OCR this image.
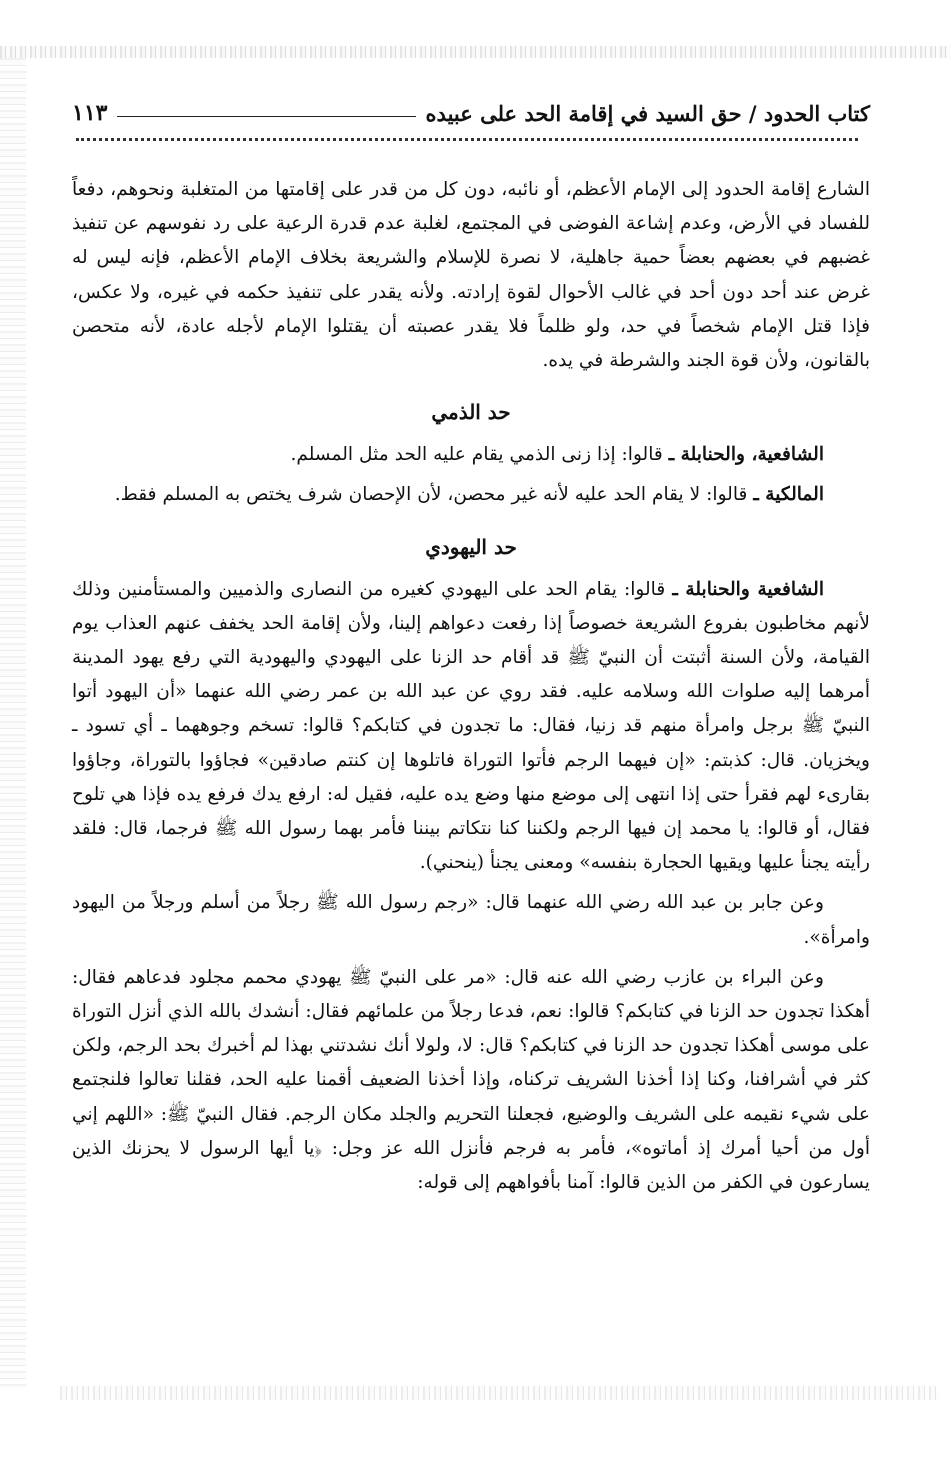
كتاب الحدود / حق السيد في إقامة الحد على عبيده
١١٣

الشارع إقامة الحدود إلى الإمام الأعظم، أو نائبه، دون كل من قدر على إقامتها من المتغلبة ونحوهم، دفعاً للفساد في الأرض، وعدم إشاعة الفوضى في المجتمع، لغلبة عدم قدرة الرعية على رد نفوسهم عن تنفيذ غضبهم في بعضهم بعضاً حمية جاهلية، لا نصرة للإسلام والشريعة بخلاف الإمام الأعظم، فإنه ليس له غرض عند أحد دون أحد في غالب الأحوال لقوة إرادته. ولأنه يقدر على تنفيذ حكمه في غيره، ولا عكس، فإذا قتل الإمام شخصاً في حد، ولو ظلماً فلا يقدر عصبته أن يقتلوا الإمام لأجله عادة، لأنه متحصن بالقانون، ولأن قوة الجند والشرطة في يده.

حد الذمي

الشافعية، والحنابلة ـ قالوا: إذا زنى الذمي يقام عليه الحد مثل المسلم.

المالكية ـ قالوا: لا يقام الحد عليه لأنه غير محصن، لأن الإحصان شرف يختص به المسلم فقط.

حد اليهودي

الشافعية والحنابلة ـ قالوا: يقام الحد على اليهودي كغيره من النصارى والذميين والمستأمنين وذلك لأنهم مخاطبون بفروع الشريعة خصوصاً إذا رفعت دعواهم إلينا، ولأن إقامة الحد يخفف عنهم العذاب يوم القيامة، ولأن السنة أثبتت أن النبيّ ﷺ قد أقام حد الزنا على اليهودي واليهودية التي رفع يهود المدينة أمرهما إليه صلوات الله وسلامه عليه. فقد روي عن عبد الله بن عمر رضي الله عنهما «أن اليهود أتوا النبيّ ﷺ برجل وامرأة منهم قد زنيا، فقال: ما تجدون في كتابكم؟ قالوا: تسخم وجوههما ـ أي تسود ـ ويخزيان. قال: كذبتم: «إن فيهما الرجم فأتوا التوراة فاتلوها إن كنتم صادقين» فجاؤوا بالتوراة، وجاؤوا بقارىء لهم فقرأ حتى إذا انتهى إلى موضع منها وضع يده عليه، فقيل له: ارفع يدك فرفع يده فإذا هي تلوح فقال، أو قالوا: يا محمد إن فيها الرجم ولكننا كنا نتكاتم بيننا فأمر بهما رسول الله ﷺ فرجما، قال: فلقد رأيته يجنأ عليها ويقيها الحجارة بنفسه» ومعنى يجنأ (ينحني).

وعن جابر بن عبد الله رضي الله عنهما قال: «رجم رسول الله ﷺ رجلاً من أسلم ورجلاً من اليهود وامرأة».

وعن البراء بن عازب رضي الله عنه قال: «مر على النبيّ ﷺ يهودي محمم مجلود فدعاهم فقال: أهكذا تجدون حد الزنا في كتابكم؟ قالوا: نعم، فدعا رجلاً من علمائهم فقال: أنشدك بالله الذي أنزل التوراة على موسى أهكذا تجدون حد الزنا في كتابكم؟ قال: لا، ولولا أنك نشدتني بهذا لم أخبرك بحد الرجم، ولكن كثر في أشرافنا، وكنا إذا أخذنا الشريف تركناه، وإذا أخذنا الضعيف أقمنا عليه الحد، فقلنا تعالوا فلنجتمع على شيء نقيمه على الشريف والوضيع، فجعلنا التحريم والجلد مكان الرجم. فقال النبيّ ﷺ: «اللهم إني أول من أحيا أمرك إذ أماتوه»، فأمر به فرجم فأنزل الله عز وجل: ﴿يا أيها الرسول لا يحزنك الذين يسارعون في الكفر من الذين قالوا: آمنا بأفواههم إلى قوله:
